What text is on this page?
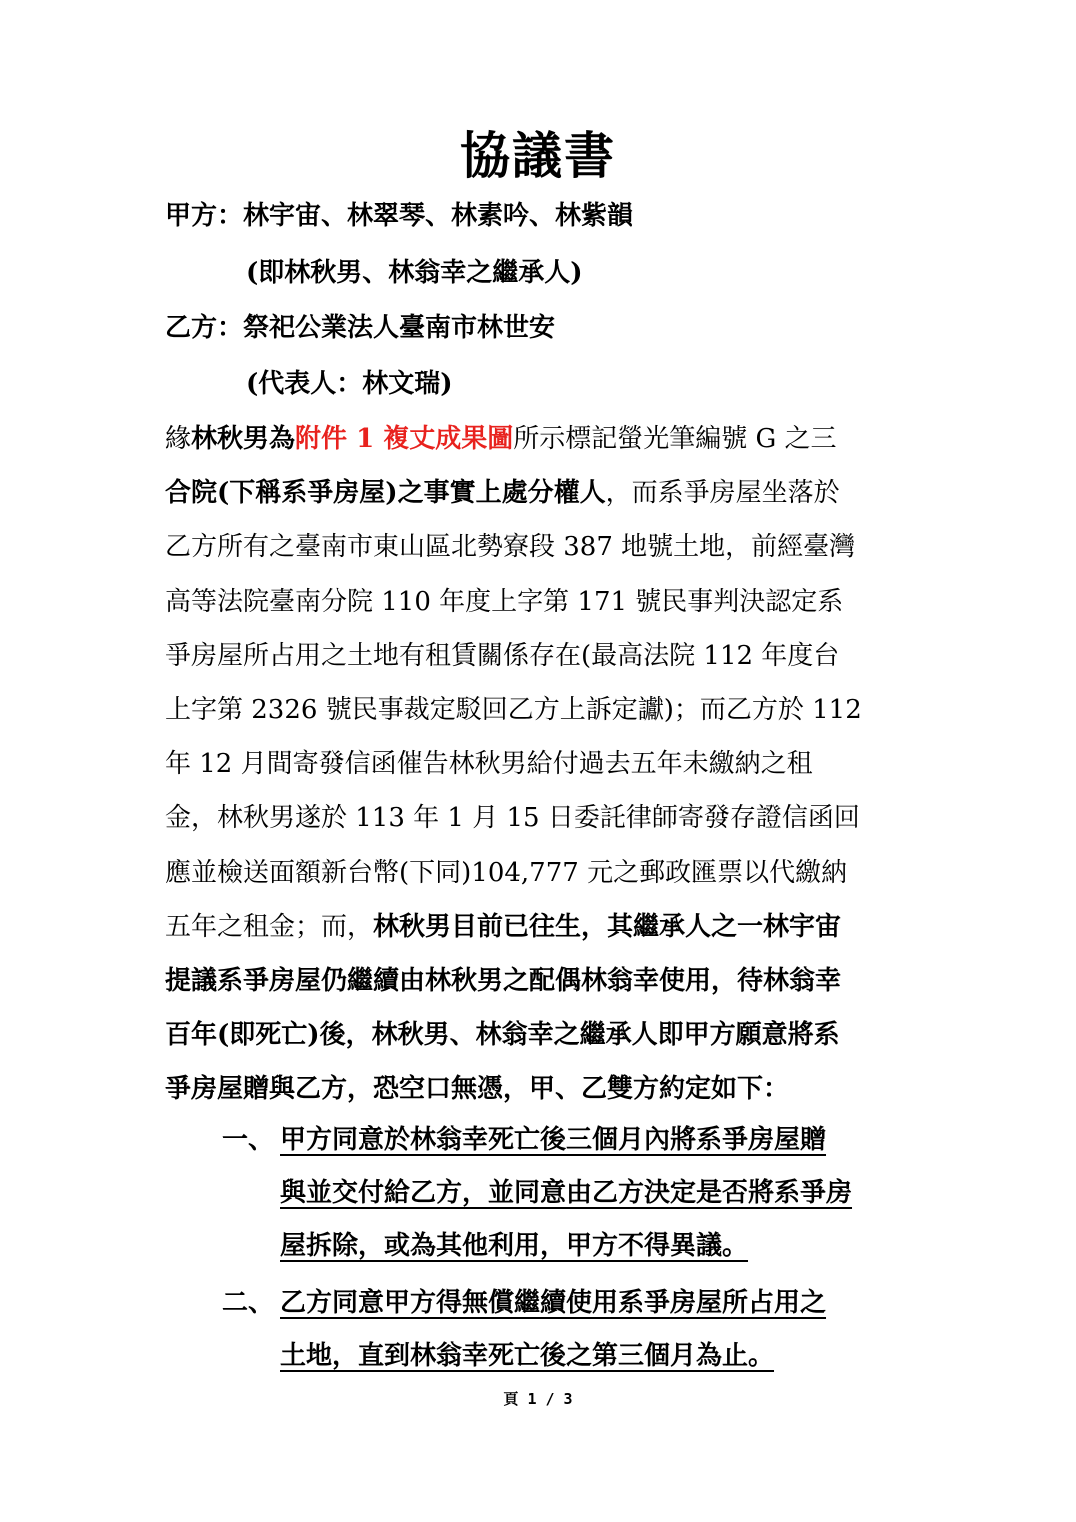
協議書
甲方：林宇宙、林翠琴、林素吟、林紫韻
(即林秋男、林翁幸之繼承人)
乙方：祭祀公業法人臺南市林世安
(代表人：林文瑞)
緣林秋男為附件 1 複丈成果圖所示標記螢光筆編號 G 之三
合院(下稱系爭房屋)之事實上處分權人，而系爭房屋坐落於
乙方所有之臺南市東山區北勢寮段 387 地號土地，前經臺灣
高等法院臺南分院 110 年度上字第 171 號民事判決認定系
爭房屋所占用之土地有租賃關係存在(最高法院 112 年度台
上字第 2326 號民事裁定駁回乙方上訴定讞)；而乙方於 112
年 12 月間寄發信函催告林秋男給付過去五年未繳納之租
金，林秋男遂於 113 年 1 月 15 日委託律師寄發存證信函回
應並檢送面額新台幣(下同)104,777 元之郵政匯票以代繳納
五年之租金；而，林秋男目前已往生，其繼承人之一林宇宙
提議系爭房屋仍繼續由林秋男之配偶林翁幸使用，待林翁幸
百年(即死亡)後，林秋男、林翁幸之繼承人即甲方願意將系
爭房屋贈與乙方，恐空口無憑，甲、乙雙方約定如下：
一、 甲方同意於林翁幸死亡後三個月內將系爭房屋贈
與並交付給乙方，並同意由乙方決定是否將系爭房
屋拆除，或為其他利用，甲方不得異議。
二、 乙方同意甲方得無償繼續使用系爭房屋所占用之
土地，直到林翁幸死亡後之第三個月為止。
頁 1 / 3
